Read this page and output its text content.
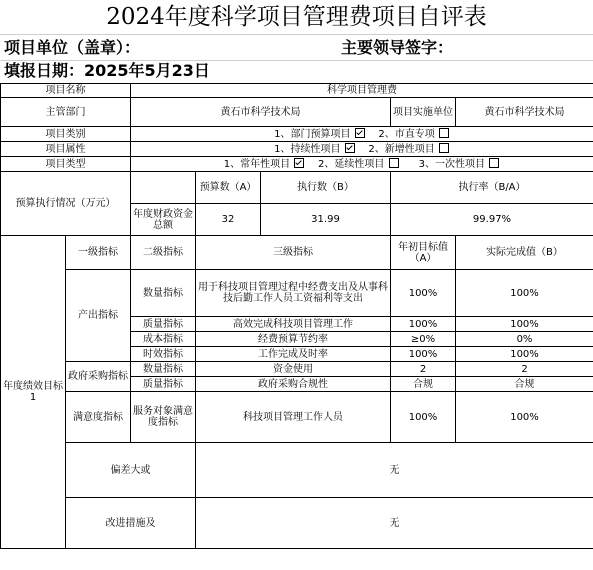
2024年度科学项目管理费项目自评表
项目单位（盖章）：	主要领导签字：
填报日期：2025年5月23日
项目名称		科学项目管理费				
主管部门		黄石市科学技术局			项目实施单位	黄石市科学技术局
项目类别		1、部门预算项目 2、市直专项				
项目属性		1、持续性项目 2、新增性项目				
项目类型		1、常年性项目 2、延续性项目 3、一次性项目				
预算执行情况（万元）			预算数（A）	执行数（B）	执行率（B/A）	
		年度财政资金总额	32	31.99	99.97%	
年度绩效目标1	一级指标	二级指标	三级指标		年初目标值（A）	实际完成值（B）
	产出指标	数量指标	用于科技项目管理过程中经费支出及从事科技后勤工作人员工资福利等支出		100%	100%
		质量指标	高效完成科技项目管理工作		100%	100%
		成本指标	经费预算节约率		≥0%	0%
		时效指标	工作完成及时率		100%	100%
	政府采购指标	数量指标	资金使用		2	2
		质量指标	政府采购合规性		合规	合规
	满意度指标	服务对象满意度指标	科技项目管理工作人员		100%	100%
	偏差大或		无			
	改进措施及		无			
